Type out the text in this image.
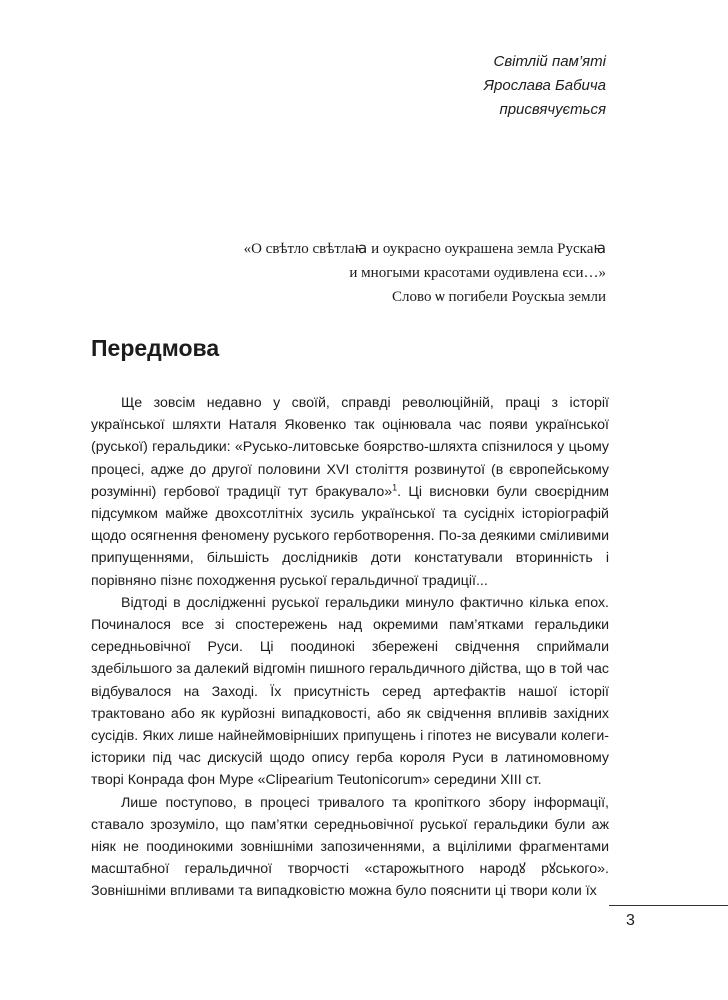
Світлій пам’яті
Ярослава Бабича
присвячується
«О свѣтло свѣтлаꙗ и оукрасно оукрашена земла Рускаꙗ
и многыми красотами оудивлена єси…»
Слово ѡ погибели Роускыа земли
Передмова

Ще зовсім недавно у своїй, справді революційній, праці з історії української шляхти Наталя Яковенко так оцінювала час появи української (руської) геральдики: «Русько-литовське боярство-шляхта спізнилося у цьому процесі, адже до другої половини XVI століття розвинутої (в європейському розумінні) гербової традиції тут бракувало»$^1$. Ці висновки були своєрідним підсумком майже двохсотлітніх зусиль української та сусідніх історіографій щодо осягнення феномену руського герботворення. По-за деякими сміливими припущеннями, більшість дослідників доти констатували вторинність і порівняно пізнє походження руської геральдичної традиції...

Відтоді в дослідженні руської геральдики минуло фактично кілька епох. Починалося все зі спостережень над окремими пам’ятками геральдики середньовічної Руси. Ці поодинокі збережені свідчення сприймали здебільшого за далекий відгомін пишного геральдичного дійства, що в той час відбувалося на Заході. Їх присутність серед артефактів нашої історії трактовано або як курйозні випадковості, або як свідчення впливів західних сусідів. Яких лише найнеймовірніших припущень і гіпотез не висували колеги-історики під час дискусій щодо опису герба короля Руси в латиномовному творі Конрада фон Муре «Clipearium Teutonicorum» середини XIII ст.

Лише поступово, в процесі тривалого та кропіткого збору інформації, ставало зрозуміло, що пам’ятки середньовічної руської геральдики були аж ніяк не поодинокими зовнішніми запозиченнями, а вцілілими фрагментами масштабної геральдичної творчості «старожытного народꙋ рꙋського». Зовнішніми впливами та випадковістю можна було пояснити ці твори коли їх

3
